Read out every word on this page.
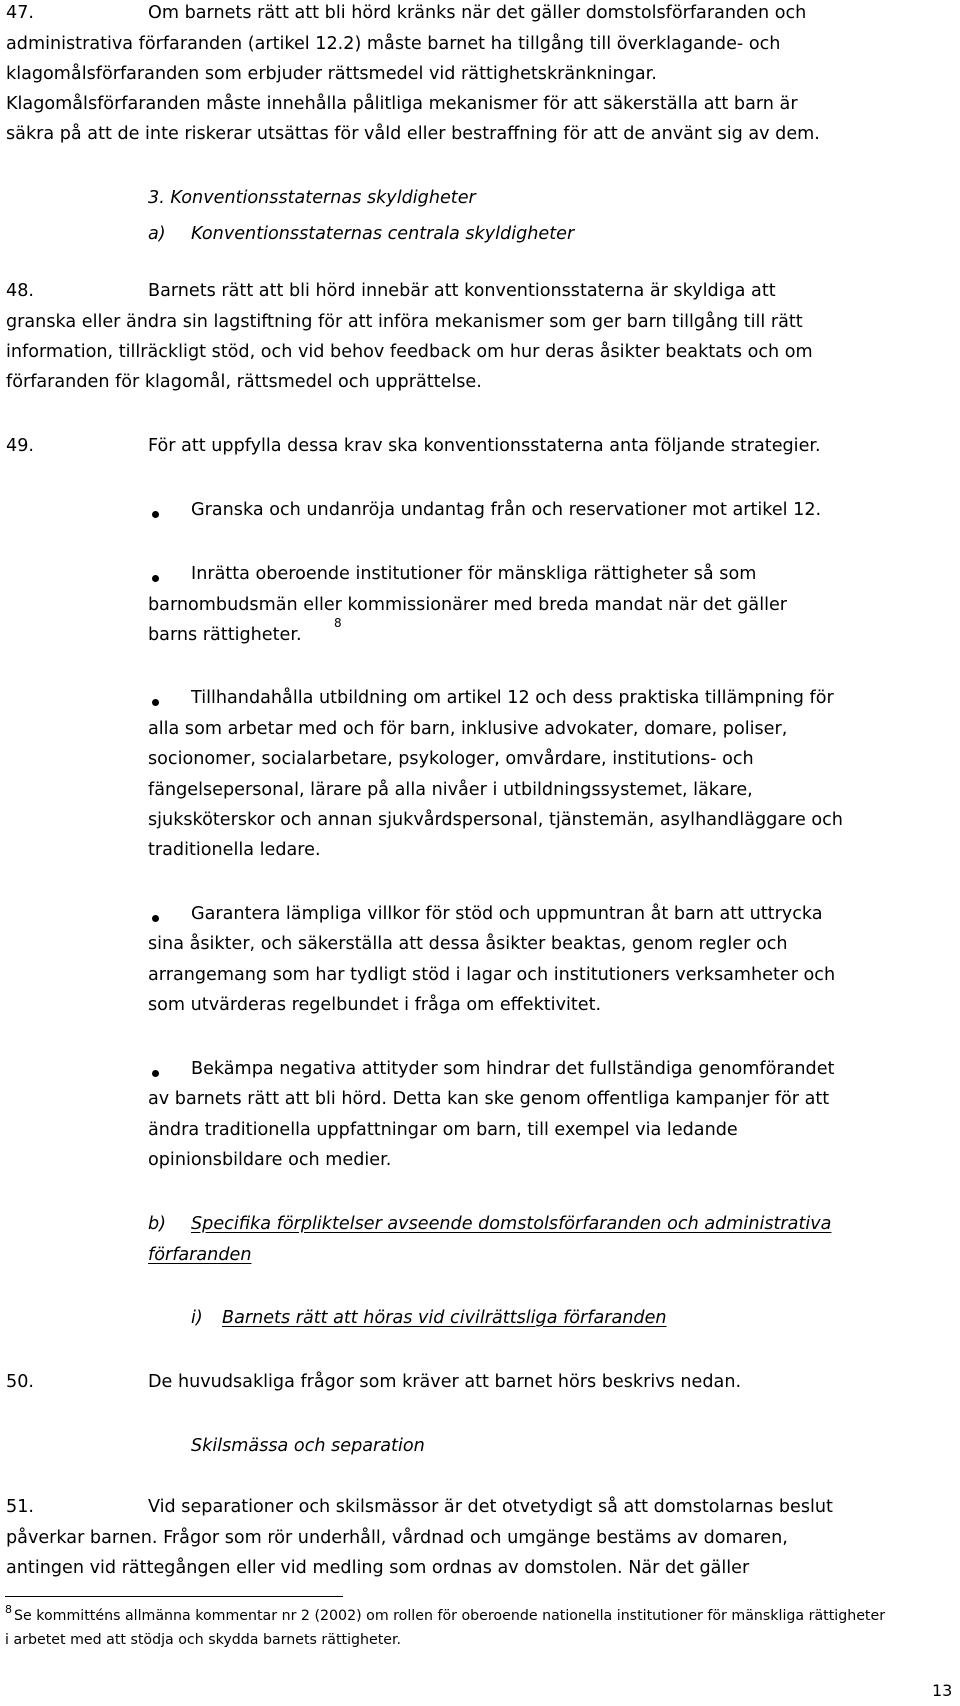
47.	Om barnets rätt att bli hörd kränks när det gäller domstolsförfaranden och
administrativa förfaranden (artikel 12.2) måste barnet ha tillgång till överklagande- och
klagomålsförfaranden som erbjuder rättsmedel vid rättighetskränkningar.
Klagomålsförfaranden måste innehålla pålitliga mekanismer för att säkerställa att barn är
säkra på att de inte riskerar utsättas för våld eller bestraffning för att de använt sig av dem.
3. Konventionsstaternas skyldigheter
a) Konventionsstaternas centrala skyldigheter
48.	Barnets rätt att bli hörd innebär att konventionsstaterna är skyldiga att
granska eller ändra sin lagstiftning för att införa mekanismer som ger barn tillgång till rätt
information, tillräckligt stöd, och vid behov feedback om hur deras åsikter beaktats och om
förfaranden för klagomål, rättsmedel och upprättelse.
49.	För att uppfylla dessa krav ska konventionsstaterna anta följande strategier.
Granska och undanröja undantag från och reservationer mot artikel 12.
Inrätta oberoende institutioner för mänskliga rättigheter så som
barnombudsmän eller kommissionärer med breda mandat när det gäller
barns rättigheter.
8
Tillhandahålla utbildning om artikel 12 och dess praktiska tillämpning för
alla som arbetar med och för barn, inklusive advokater, domare, poliser,
socionomer, socialarbetare, psykologer, omvårdare, institutions- och
fängelsepersonal, lärare på alla nivåer i utbildningssystemet, läkare,
sjuksköterskor och annan sjukvårdspersonal, tjänstemän, asylhandläggare och
traditionella ledare.
Garantera lämpliga villkor för stöd och uppmuntran åt barn att uttrycka
sina åsikter, och säkerställa att dessa åsikter beaktas, genom regler och
arrangemang som har tydligt stöd i lagar och institutioners verksamheter och
som utvärderas regelbundet i fråga om effektivitet.
Bekämpa negativa attityder som hindrar det fullständiga genomförandet
av barnets rätt att bli hörd. Detta kan ske genom offentliga kampanjer för att
ändra traditionella uppfattningar om barn, till exempel via ledande
opinionsbildare och medier.
b) Specifika förpliktelser avseende domstolsförfaranden och administrativa
förfaranden
i) Barnets rätt att höras vid civilrättsliga förfaranden
50.	De huvudsakliga frågor som kräver att barnet hörs beskrivs nedan.
Skilsmässa och separation
51.	Vid separationer och skilsmässor är det otvetydigt så att domstolarnas beslut
påverkar barnen. Frågor som rör underhåll, vårdnad och umgänge bestäms av domaren,
antingen vid rättegången eller vid medling som ordnas av domstolen. När det gäller
8 Se kommitténs allmänna kommentar nr 2 (2002) om rollen för oberoende nationella institutioner för mänskliga rättigheter
i arbetet med att stödja och skydda barnets rättigheter.
13
